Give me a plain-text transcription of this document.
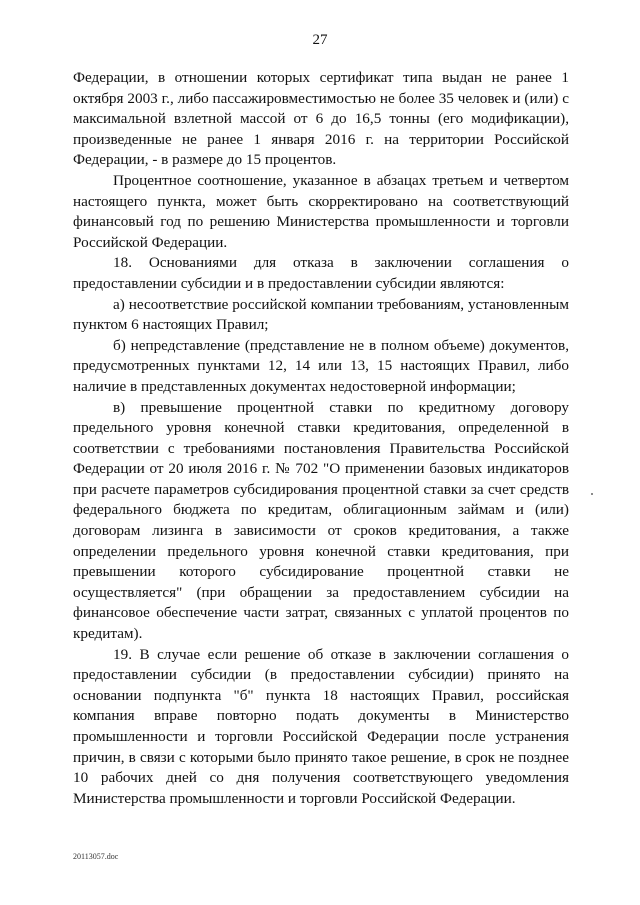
27

Федерации, в отношении которых сертификат типа выдан не ранее 1 октября 2003 г., либо пассажировместимостью не более 35 человек и (или) с максимальной взлетной массой от 6 до 16,5 тонны (его модификации), произведенные не ранее 1 января 2016 г. на территории Российской Федерации, - в размере до 15 процентов.

Процентное соотношение, указанное в абзацах третьем и четвертом настоящего пункта, может быть скорректировано на соответствующий финансовый год по решению Министерства промышленности и торговли Российской Федерации.

18. Основаниями для отказа в заключении соглашения о предоставлении субсидии и в предоставлении субсидии являются:

а) несоответствие российской компании требованиям, установленным пунктом 6 настоящих Правил;

б) непредставление (представление не в полном объеме) документов, предусмотренных пунктами 12, 14 или 13, 15 настоящих Правил, либо наличие в представленных документах недостоверной информации;

в) превышение процентной ставки по кредитному договору предельного уровня конечной ставки кредитования, определенной в соответствии с требованиями постановления Правительства Российской Федерации от 20 июля 2016 г. № 702 "О применении базовых индикаторов при расчете параметров субсидирования процентной ставки за счет средств федерального бюджета по кредитам, облигационным займам и (или) договорам лизинга в зависимости от сроков кредитования, а также определении предельного уровня конечной ставки кредитования, при превышении которого субсидирование процентной ставки не осуществляется" (при обращении за предоставлением субсидии на финансовое обеспечение части затрат, связанных с уплатой процентов по кредитам).

19. В случае если решение об отказе в заключении соглашения о предоставлении субсидии (в предоставлении субсидии) принято на основании подпункта "б" пункта 18 настоящих Правил, российская компания вправе повторно подать документы в Министерство промышленности и торговли Российской Федерации после устранения причин, в связи с которыми было принято такое решение, в срок не позднее 10 рабочих дней со дня получения соответствующего уведомления Министерства промышленности и торговли Российской Федерации.

20113057.doc
